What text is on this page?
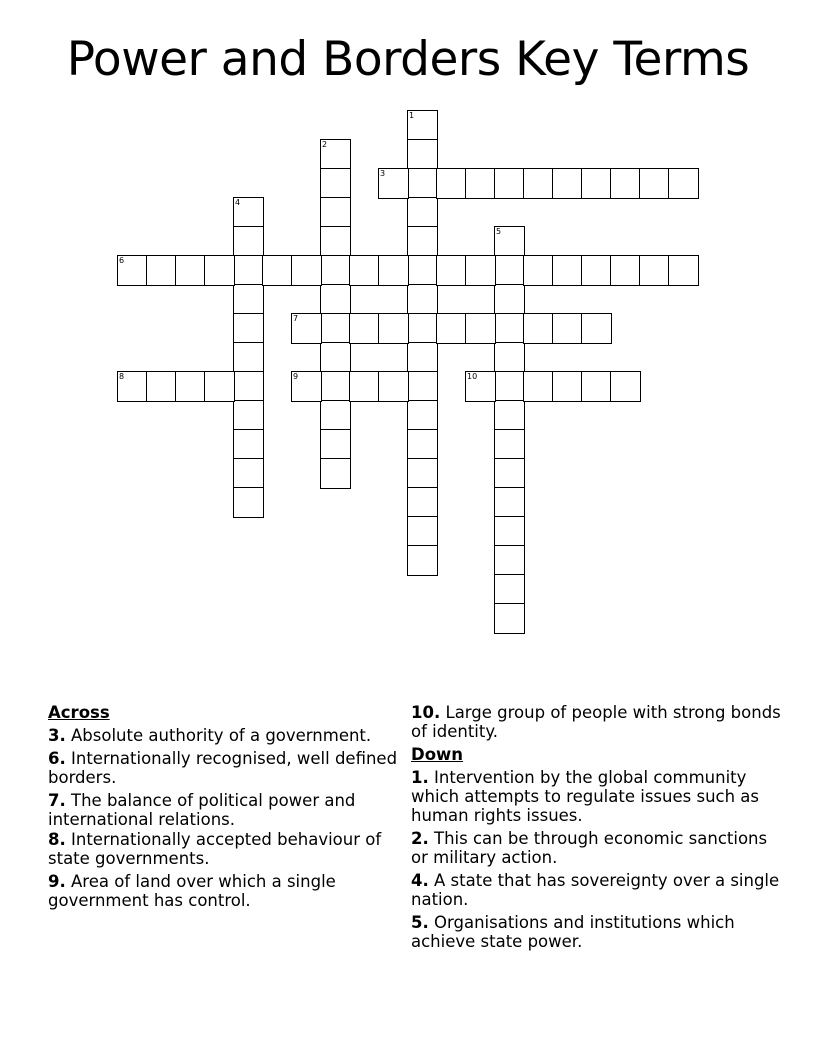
Power and Borders Key Terms
1
2
3
4
5
6
7
8	9	10
Across
3. Absolute authority of a government.
6. Internationally recognised, well defined borders.
7. The balance of political power and international relations.
8. Internationally accepted behaviour of state governments.
9. Area of land over which a single government has control.
10. Large group of people with strong bonds of identity.
Down
1. Intervention by the global community which attempts to regulate issues such as human rights issues.
2. This can be through economic sanctions or military action.
4. A state that has sovereignty over a single nation.
5. Organisations and institutions which achieve state power.
